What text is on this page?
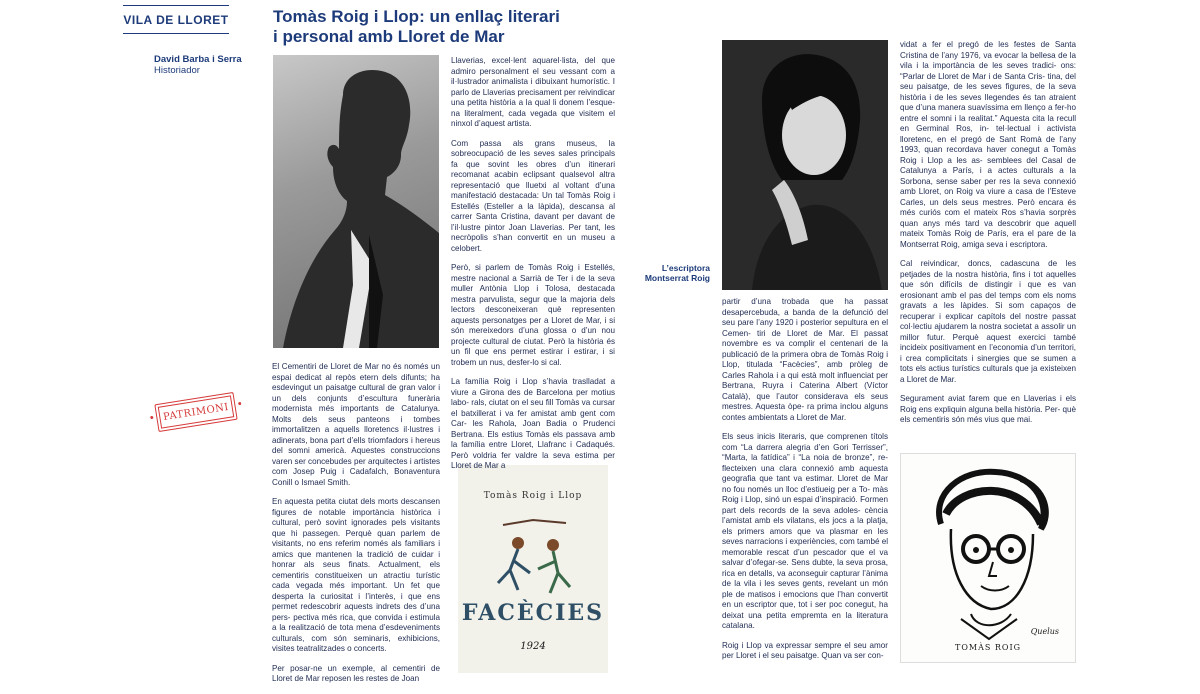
VILA DE LLORET	Tomàs Roig i Llop: un enllaç literari
i personal amb Lloret de Mar
David Barba i Serra
Historiador
PATRIMONI
L’escriptora
Montserrat Roig
Tomàs Roig i Llop
FACÈCIES
1924
Quelus
TOMÀS ROIG

El Cementiri de Lloret de Mar no és només un espai dedicat al repòs etern dels difunts; ha esdevingut un paisatge cultural de gran valor i un dels conjunts d’escultura funerària modernista més importants de Catalunya. Molts dels seus panteons i tombes immortalitzen a aquells lloretencs il·lustres i adinerats, bona part d’ells triomfadors i hereus del somni americà. Aquestes construccions varen ser concebudes per arquitectes i artistes com Josep Puig i Cadafalch, Bonaventura Conill o Ismael Smith.

En aquesta petita ciutat dels morts descansen figures de notable importància històrica i cultural, però sovint ignorades pels visitants que hi passegen. Perquè quan parlem de visitants, no ens referim només als familiars i amics que mantenen la tradició de cuidar i honrar als seus finats. Actualment, els cementiris constitueixen un atractiu turístic cada vegada més important. Un fet que desperta la curiositat i l’interès, i que ens permet redescobrir aquests indrets des d’una pers- pectiva més rica, que convida i estimula a la realització de tota mena d’esdeveniments culturals, com són seminaris, exhibicions, visites teatralitzades o concerts.

Per posar-ne un exemple, al cementiri de Lloret de Mar reposen les restes de Joan

Llaverias, excel·lent aquarel·lista, del que admiro personalment el seu vessant com a il·lustrador animalista i dibuixant humorístic. I parlo de Llaverias precisament per reivindicar una petita història a la qual li donem l’esque- na literalment, cada vegada que visitem el ninxol d’aquest artista.

Com passa als grans museus, la sobreocupació de les seves sales principals fa que sovint les obres d’un itinerari recomanat acabin eclipsant qualsevol altra representació que lluetxi al voltant d’una manifestació destacada: Un tal Tomàs Roig i Estellés (Esteller a la làpida), descansa al carrer Santa Cristina, davant per davant de l’il·lustre pintor Joan Llaverias. Per tant, les necròpolis s’han convertit en un museu a celobert.

Però, si parlem de Tomàs Roig i Estellés, mestre nacional a Sarrià de Ter i de la seva muller Antònia Llop i Tolosa, destacada mestra parvulista, segur que la majoria dels lectors desconeixeran què representen aquests personatges per a Lloret de Mar, i si són mereixedors d’una glossa o d’un nou projecte cultural de ciutat. Però la història és un fil que ens permet estirar i estirar, i si trobem un nus, desfer-lo si cal.

La família Roig i Llop s’havia traslladat a viure a Girona des de Barcelona per motius labo- rals, ciutat on el seu fill Tomàs va cursar el batxillerat i va fer amistat amb gent com Car- les Rahola, Joan Badia o Prudenci Bertrana. Els estius Tomàs els passava amb la família entre Lloret, Llafranc i Cadaqués. Però voldria fer valdre la seva estima per Lloret de Mar a

partir d’una trobada que ha passat desapercebuda, a banda de la defunció del seu pare l’any 1920 i posterior sepultura en el Cemen- tiri de Lloret de Mar. El passat novembre es va complir el centenari de la publicació de la primera obra de Tomàs Roig i Llop, titulada “Facècies”, amb pròleg de Carles Rahola i a qui està molt influenciat per Bertrana, Ruyra i Caterina Albert (Víctor Català), que l’autor considerava els seus mestres. Aquesta òpe- ra prima inclou alguns contes ambientats a Lloret de Mar.

Els seus inicis literaris, que comprenen títols com “La darrera alegria d’en Gori Terrisser”, “Marta, la fatídica” i “La noia de bronze”, re- flecteixen una clara connexió amb aquesta geografia que tant va estimar. Lloret de Mar no fou només un lloc d’estiueig per a To- màs Roig i Llop, sinó un espai d’inspiració. Formen part dels records de la seva adoles- cència l’amistat amb els vilatans, els jocs a la platja, els primers amors que va plasmar en les seves narracions i experiències, com també el memorable rescat d’un pescador que el va salvar d’ofegar-se. Sens dubte, la seva prosa, rica en detalls, va aconseguir capturar l’ànima de la vila i les seves gents, revelant un món ple de matisos i emocions que l’han convertit en un escriptor que, tot i ser poc conegut, ha deixat una petita empremta en la literatura catalana.

Roig i Llop va expressar sempre el seu amor per Lloret i el seu paisatge. Quan va ser con-

vidat a fer el pregó de les festes de Santa Cristina de l’any 1976, va evocar la bellesa de la vila i la importància de les seves tradici- ons: “Parlar de Lloret de Mar i de Santa Cris- tina, del seu paisatge, de les seves figures, de la seva història i de les seves llegendes és tan atraient que d’una manera suavíssima em llenço a fer-ho entre el somni i la realitat.” Aquesta cita la recull en Germinal Ros, in- tel·lectual i activista lloretenc, en el pregó de Sant Romà de l’any 1993, quan recordava haver conegut a Tomàs Roig i Llop a les as- semblees del Casal de Catalunya a París, i a actes culturals a la Sorbona, sense saber per res la seva connexió amb Lloret, on Roig va viure a casa de l’Esteve Carles, un dels seus mestres. Però encara és més curiós com el mateix Ros s’havia sorprès quan anys més tard va descobrir que aquell mateix Tomàs Roig de París, era el pare de la Montserrat Roig, amiga seva i escriptora.

Cal reivindicar, doncs, cadascuna de les petjades de la nostra història, fins i tot aquelles que són difícils de distingir i que es van erosionant amb el pas del temps com els noms gravats a les làpides. Si som capaços de recuperar i explicar capítols del nostre passat col·lectiu ajudarem la nostra societat a assolir un millor futur. Perquè aquest exercici també incideix positivament en l’economia d’un territori, i crea complicitats i sinergies que se sumen a tots els actius turístics culturals que ja existeixen a Lloret de Mar.

Segurament aviat farem que en Llaverias i els Roig ens expliquin alguna bella història. Per- què els cementiris són més vius que mai.
